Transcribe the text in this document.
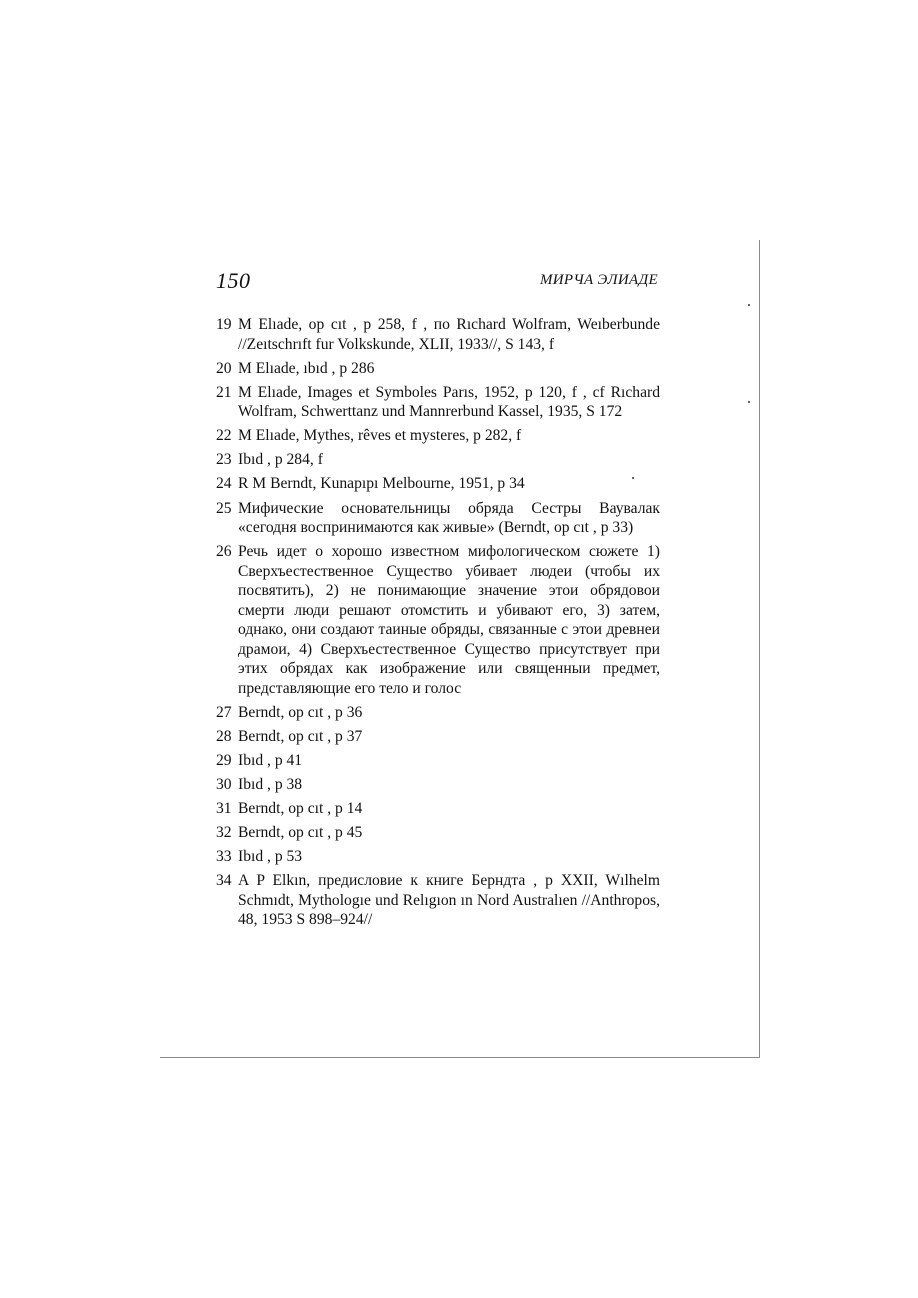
150	МИРЧА ЭЛИАДЕ
19 M Elıade, op cıt , p 258, f , по Rıchard Wolfram, Weıberbunde //Zeıtschrıft fur Volkskunde, XLII, 1933//, S 143, f
20 M Elıade, ıbıd , p 286
21 M Elıade, Images et Symboles Parıs, 1952, p 120, f , cf Rıchard Wolfram, Schwerttanz und Mannrerbund Kassel, 1935, S 172
22 M Elıade, Mythes, rêves et mysteres, p 282, f
23 Ibıd , p 284, f
24 R M Berndt, Kunapıpı Melbourne, 1951, p 34
25 Мифические основательницы обряда Сестры Ваувалак «сегодня воспринимаются как живые» (Berndt, op cıt , p 33)
26 Речь идет о хорошо известном мифологическом сюжете 1) Сверхъестественное Существо убивает людеи (чтобы их посвятить), 2) не понимающие значение этои обрядовои смерти люди решают отомстить и убивают его, 3) затем, однако, они создают таиные обряды, связанные с этои древнеи драмои, 4) Сверхъестественное Существо присутствует при этих обрядах как изображение или священныи предмет, представляющие его тело и голос
27 Berndt, op cıt , p 36
28 Berndt, op cıt , p 37
29 Ibıd , p 41
30 Ibıd , p 38
31 Berndt, op cıt , p 14
32 Berndt, op cıt , p 45
33 Ibıd , p 53
34 A P Elkın, предисловие к книге Берндта , p XXII, Wılhelm Schmıdt, Mythologıe und Relıgıon ın Nord Australıen //Anthropos, 48, 1953 S 898–924//
